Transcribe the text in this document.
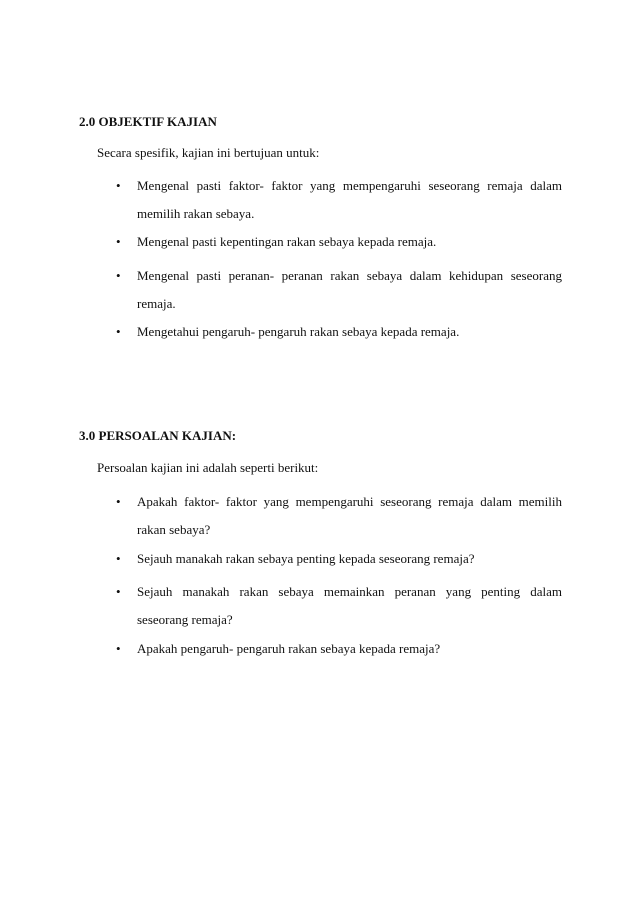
2.0 OBJEKTIF KAJIAN
Secara spesifik, kajian ini bertujuan untuk:
•	Mengenal pasti faktor- faktor yang mempengaruhi seseorang remaja dalam
memilih rakan sebaya.
•	Mengenal pasti kepentingan rakan sebaya kepada remaja.
•	Mengenal pasti peranan- peranan rakan sebaya dalam kehidupan seseorang
remaja.
•	Mengetahui pengaruh- pengaruh rakan sebaya kepada remaja.
3.0 PERSOALAN KAJIAN:
Persoalan kajian ini adalah seperti berikut:
•	Apakah faktor- faktor yang mempengaruhi seseorang remaja dalam memilih
rakan sebaya?
•	Sejauh manakah rakan sebaya penting kepada seseorang remaja?
•	Sejauh manakah rakan sebaya memainkan peranan yang penting dalam
seseorang remaja?
•	Apakah pengaruh- pengaruh rakan sebaya kepada remaja?
